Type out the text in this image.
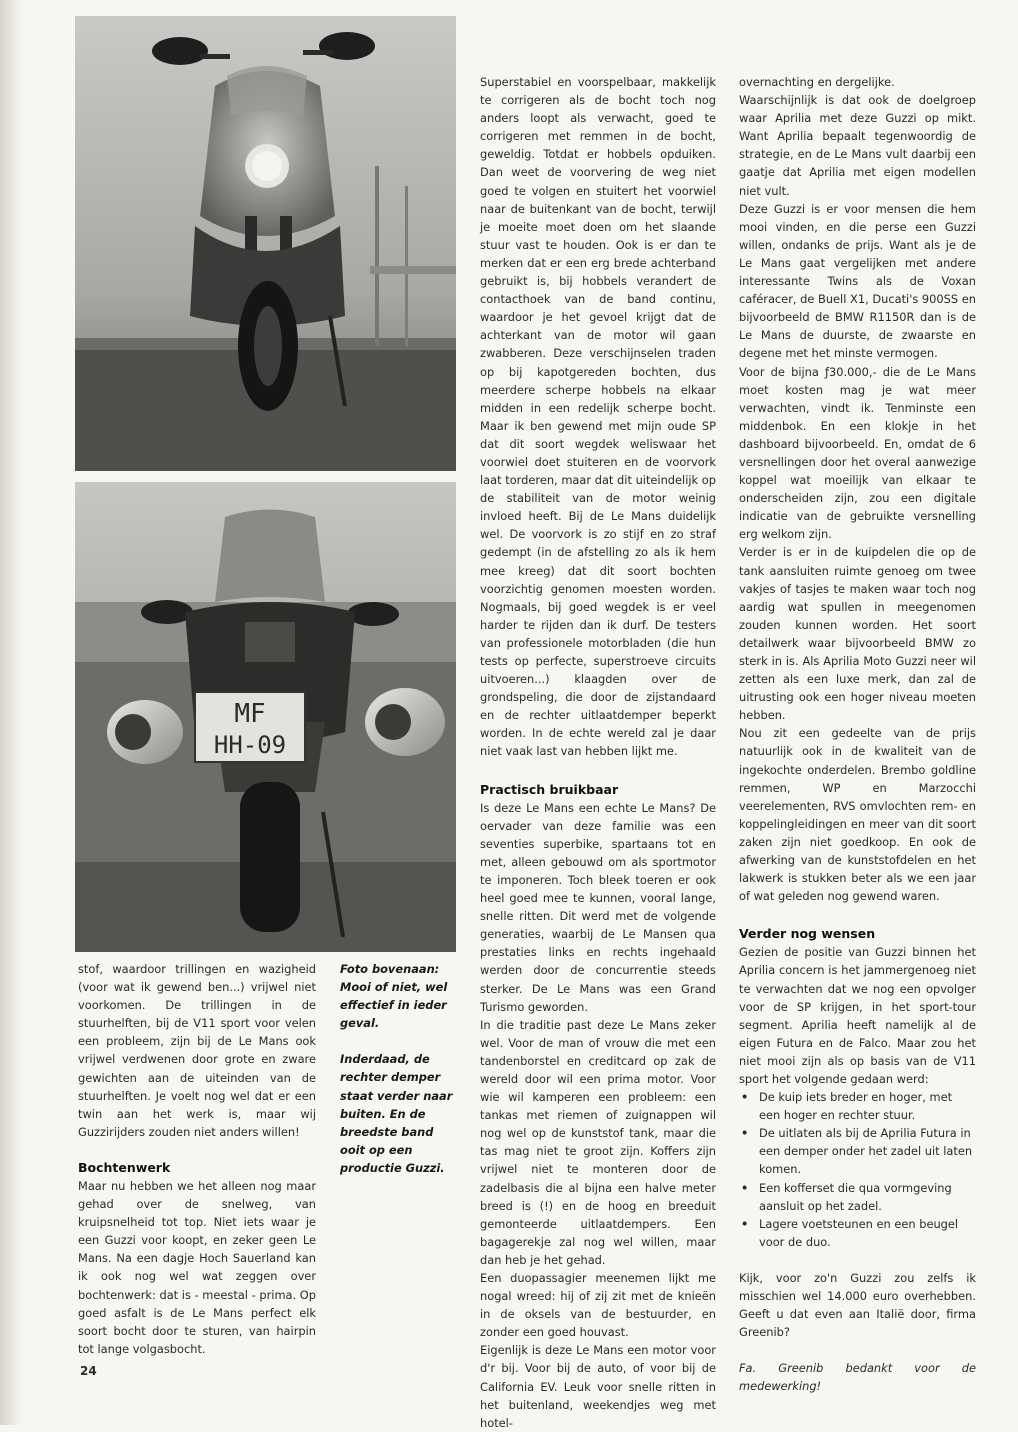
MF
HH-09

stof, waardoor trillingen en wazigheid (voor wat ik gewend ben...) vrijwel niet voorkomen. De trillingen in de stuurhelften, bij de V11 sport voor velen een probleem, zijn bij de Le Mans ook vrijwel verdwenen door grote en zware gewichten aan de uiteinden van de stuurhelften. Je voelt nog wel dat er een twin aan het werk is, maar wij Guzzirijders zouden niet anders willen!

Bochtenwerk

Maar nu hebben we het alleen nog maar gehad over de snelweg, van kruipsnelheid tot top. Niet iets waar je een Guzzi voor koopt, en zeker geen Le Mans. Na een dagje Hoch Sauerland kan ik ook nog wel wat zeggen over bochtenwerk: dat is - meestal - prima. Op goed asfalt is de Le Mans perfect elk soort bocht door te sturen, van hairpin tot lange volgasbocht.

Foto bovenaan: Mooi of niet, wel effectief in ieder geval.

Inderdaad, de rechter demper staat verder naar buiten. En de breedste band ooit op een productie Guzzi.

Superstabiel en voorspelbaar, makkelijk te corrigeren als de bocht toch nog anders loopt als verwacht, goed te corrigeren met remmen in de bocht, geweldig. Totdat er hobbels opduiken. Dan weet de voorvering de weg niet goed te volgen en stuitert het voorwiel naar de buitenkant van de bocht, terwijl je moeite moet doen om het slaande stuur vast te houden. Ook is er dan te merken dat er een erg brede achterband gebruikt is, bij hobbels verandert de contacthoek van de band continu, waardoor je het gevoel krijgt dat de achterkant van de motor wil gaan zwabberen. Deze verschijnselen traden op bij kapotgereden bochten, dus meerdere scherpe hobbels na elkaar midden in een redelijk scherpe bocht. Maar ik ben gewend met mijn oude SP dat dit soort wegdek weliswaar het voorwiel doet stuiteren en de voorvork laat torderen, maar dat dit uiteindelijk op de stabiliteit van de motor weinig invloed heeft. Bij de Le Mans duidelijk wel. De voorvork is zo stijf en zo straf gedempt (in de afstelling zo als ik hem mee kreeg) dat dit soort bochten voorzichtig genomen moesten worden. Nogmaals, bij goed wegdek is er veel harder te rijden dan ik durf. De testers van professionele motorbladen (die hun tests op perfecte, superstroeve circuits uitvoeren...) klaagden over de grondspeling, die door de zijstandaard en de rechter uitlaatdemper beperkt worden. In de echte wereld zal je daar niet vaak last van hebben lijkt me.

Practisch bruikbaar

Is deze Le Mans een echte Le Mans? De oervader van deze familie was een seventies superbike, spartaans tot en met, alleen gebouwd om als sportmotor te imponeren. Toch bleek toeren er ook heel goed mee te kunnen, vooral lange, snelle ritten. Dit werd met de volgende generaties, waarbij de Le Mansen qua prestaties links en rechts ingehaald werden door de concurrentie steeds sterker. De Le Mans was een Grand Turismo geworden.

In die traditie past deze Le Mans zeker wel. Voor de man of vrouw die met een tandenborstel en creditcard op zak de wereld door wil een prima motor. Voor wie wil kamperen een probleem: een tankas met riemen of zuignappen wil nog wel op de kunststof tank, maar die tas mag niet te groot zijn. Koffers zijn vrijwel niet te monteren door de zadelbasis die al bijna een halve meter breed is (!) en de hoog en breeduit gemonteerde uitlaatdempers. Een bagagerekje zal nog wel willen, maar dan heb je het gehad.

Een duopassagier meenemen lijkt me nogal wreed: hij of zij zit met de knieën in de oksels van de bestuurder, en zonder een goed houvast.

Eigenlijk is deze Le Mans een motor voor d'r bij. Voor bij de auto, of voor bij de California EV. Leuk voor snelle ritten in het buitenland, weekendjes weg met hotel-

overnachting en dergelijke.

Waarschijnlijk is dat ook de doelgroep waar Aprilia met deze Guzzi op mikt. Want Aprilia bepaalt tegenwoordig de strategie, en de Le Mans vult daarbij een gaatje dat Aprilia met eigen modellen niet vult.

Deze Guzzi is er voor mensen die hem mooi vinden, en die perse een Guzzi willen, ondanks de prijs. Want als je de Le Mans gaat vergelijken met andere interessante Twins als de Voxan caféracer, de Buell X1, Ducati's 900SS en bijvoorbeeld de BMW R1150R dan is de Le Mans de duurste, de zwaarste en degene met het minste vermogen.

Voor de bijna ƒ30.000,- die de Le Mans moet kosten mag je wat meer verwachten, vindt ik. Tenminste een middenbok. En een klokje in het dashboard bijvoorbeeld. En, omdat de 6 versnellingen door het overal aanwezige koppel wat moeilijk van elkaar te onderscheiden zijn, zou een digitale indicatie van de gebruikte versnelling erg welkom zijn.

Verder is er in de kuipdelen die op de tank aansluiten ruimte genoeg om twee vakjes of tasjes te maken waar toch nog aardig wat spullen in meegenomen zouden kunnen worden. Het soort detailwerk waar bijvoorbeeld BMW zo sterk in is. Als Aprilia Moto Guzzi neer wil zetten als een luxe merk, dan zal de uitrusting ook een hoger niveau moeten hebben.

Nou zit een gedeelte van de prijs natuurlijk ook in de kwaliteit van de ingekochte onderdelen. Brembo goldline remmen, WP en Marzocchi veerelementen, RVS omvlochten rem- en koppelingleidingen en meer van dit soort zaken zijn niet goedkoop. En ook de afwerking van de kunststofdelen en het lakwerk is stukken beter als we een jaar of wat geleden nog gewend waren.

Verder nog wensen

Gezien de positie van Guzzi binnen het Aprilia concern is het jammergenoeg niet te verwachten dat we nog een opvolger voor de SP krijgen, in het sport-tour segment. Aprilia heeft namelijk al de eigen Futura en de Falco. Maar zou het niet mooi zijn als op basis van de V11 sport het volgende gedaan werd:

• De kuip iets breder en hoger, met een hoger en rechter stuur.
• De uitlaten als bij de Aprilia Futura in een demper onder het zadel uit laten komen.
• Een kofferset die qua vormgeving aansluit op het zadel.
• Lagere voetsteunen en een beugel voor de duo.

Kijk, voor zo'n Guzzi zou zelfs ik misschien wel 14.000 euro overhebben. Geeft u dat even aan Italië door, firma Greenib?

Fa. Greenib bedankt voor de medewerking!

24
